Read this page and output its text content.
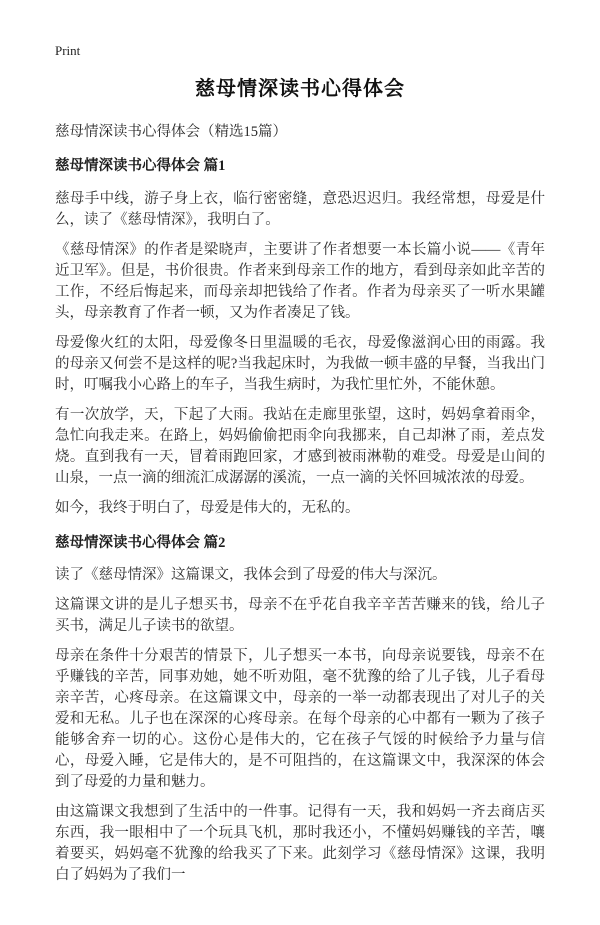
Print
慈母情深读书心得体会

慈母情深读书心得体会（精选15篇）

慈母情深读书心得体会 篇1

慈母手中线，游子身上衣，临行密密缝，意恐迟迟归。我经常想，母爱是什么，读了《慈母情深》，我明白了。

《慈母情深》的作者是梁晓声，主要讲了作者想要一本长篇小说——《青年近卫军》。但是，书价很贵。作者来到母亲工作的地方，看到母亲如此辛苦的工作，不经后悔起来，而母亲却把钱给了作者。作者为母亲买了一听水果罐头，母亲教育了作者一顿，又为作者凑足了钱。

母爱像火红的太阳，母爱像冬日里温暖的毛衣，母爱像滋润心田的雨露。我的母亲又何尝不是这样的呢?当我起床时，为我做一顿丰盛的早餐，当我出门时，叮嘱我小心路上的车子，当我生病时，为我忙里忙外，不能休憩。

有一次放学，天，下起了大雨。我站在走廊里张望，这时，妈妈拿着雨伞，急忙向我走来。在路上，妈妈偷偷把雨伞向我挪来，自己却淋了雨，差点发烧。直到我有一天，冒着雨跑回家，才感到被雨淋勒的难受。母爱是山间的山泉，一点一滴的细流汇成潺潺的溪流，一点一滴的关怀回城浓浓的母爱。

如今，我终于明白了，母爱是伟大的，无私的。

慈母情深读书心得体会 篇2

读了《慈母情深》这篇课文，我体会到了母爱的伟大与深沉。

这篇课文讲的是儿子想买书，母亲不在乎花自我辛辛苦苦赚来的钱，给儿子买书，满足儿子读书的欲望。

母亲在条件十分艰苦的情景下，儿子想买一本书，向母亲说要钱，母亲不在乎赚钱的辛苦，同事劝她，她不听劝阻，毫不犹豫的给了儿子钱，儿子看母亲辛苦，心疼母亲。在这篇课文中，母亲的一举一动都表现出了对儿子的关爱和无私。儿子也在深深的心疼母亲。在每个母亲的心中都有一颗为了孩子能够舍弃一切的心。这份心是伟大的，它在孩子气馁的时候给予力量与信心，母爱入睡，它是伟大的，是不可阻挡的，在这篇课文中，我深深的体会到了母爱的力量和魅力。

由这篇课文我想到了生活中的一件事。记得有一天，我和妈妈一齐去商店买东西，我一眼相中了一个玩具飞机，那时我还小，不懂妈妈赚钱的辛苦，嚷着要买，妈妈毫不犹豫的给我买了下来。此刻学习《慈母情深》这课，我明白了妈妈为了我们一
